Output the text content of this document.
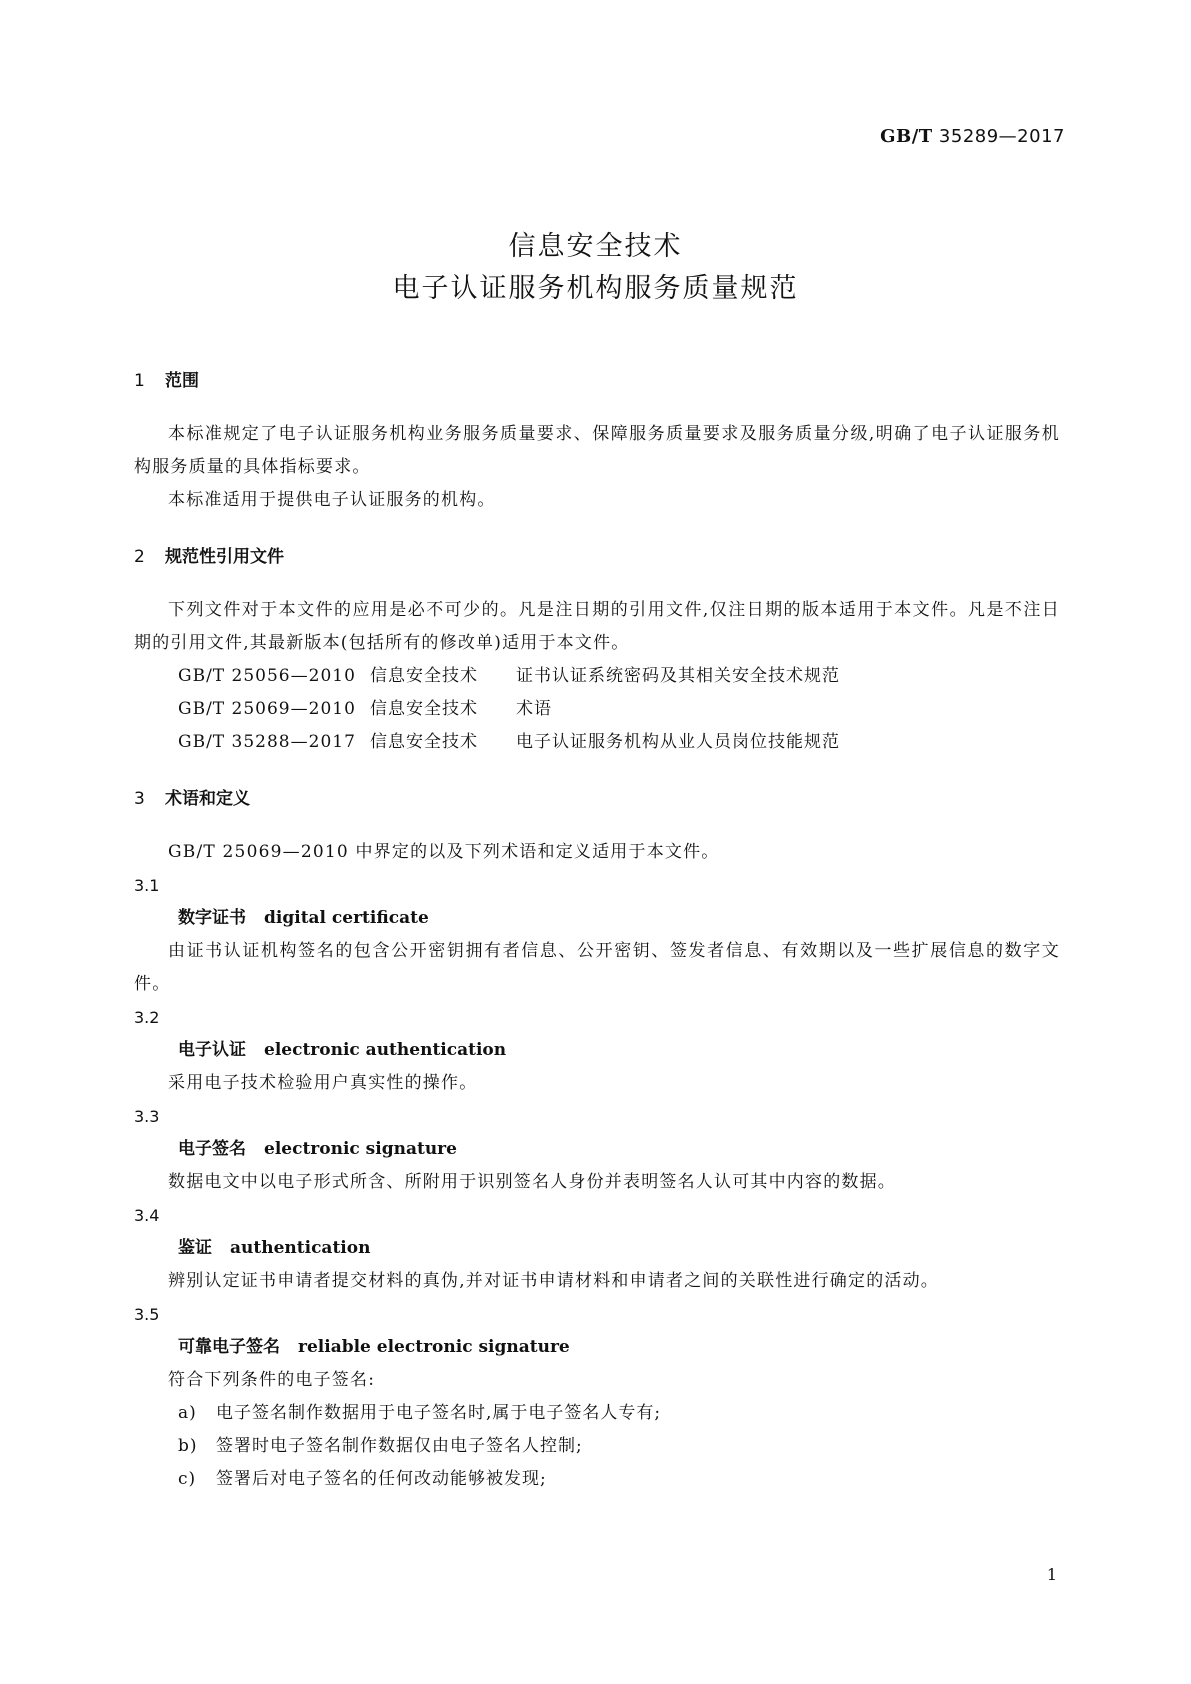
GB/T 35289—2017
信息安全技术
电子认证服务机构服务质量规范
1 范围
本标准规定了电子认证服务机构业务服务质量要求、保障服务质量要求及服务质量分级,明确了电子认证服务机构服务质量的具体指标要求。
本标准适用于提供电子认证服务的机构。
2 规范性引用文件
下列文件对于本文件的应用是必不可少的。凡是注日期的引用文件,仅注日期的版本适用于本文件。凡是不注日期的引用文件,其最新版本(包括所有的修改单)适用于本文件。
GB/T 25056—2010 信息安全技术 证书认证系统密码及其相关安全技术规范
GB/T 25069—2010 信息安全技术 术语
GB/T 35288—2017 信息安全技术 电子认证服务机构从业人员岗位技能规范
3 术语和定义
GB/T 25069—2010 中界定的以及下列术语和定义适用于本文件。
3.1
数字证书 digital certificate
由证书认证机构签名的包含公开密钥拥有者信息、公开密钥、签发者信息、有效期以及一些扩展信息的数字文件。
3.2
电子认证 electronic authentication
采用电子技术检验用户真实性的操作。
3.3
电子签名 electronic signature
数据电文中以电子形式所含、所附用于识别签名人身份并表明签名人认可其中内容的数据。
3.4
鉴证 authentication
辨别认定证书申请者提交材料的真伪,并对证书申请材料和申请者之间的关联性进行确定的活动。
3.5
可靠电子签名 reliable electronic signature
符合下列条件的电子签名:
a) 电子签名制作数据用于电子签名时,属于电子签名人专有;
b) 签署时电子签名制作数据仅由电子签名人控制;
c) 签署后对电子签名的任何改动能够被发现;
1
